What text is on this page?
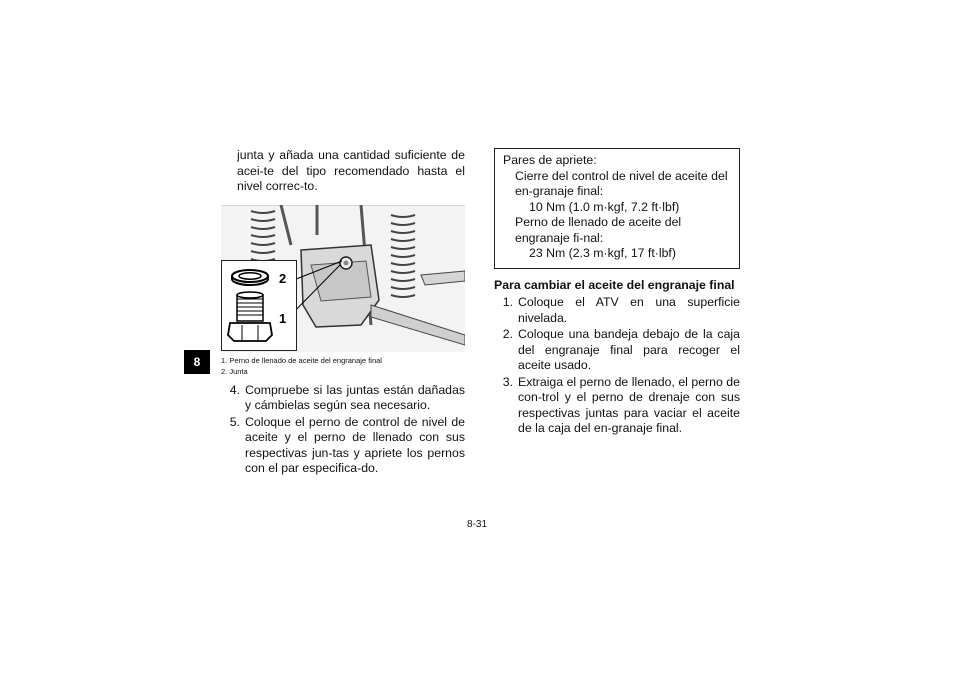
8
junta y añada una cantidad suficiente de acei-te del tipo recomendado hasta el nivel correc-to.
2
1
1. Perno de llenado de aceite del engranaje final
2. Junta
4. Compruebe si las juntas están dañadas y cámbielas según sea necesario.
5. Coloque el perno de control de nivel de aceite y el perno de llenado con sus respectivas jun-tas y apriete los pernos con el par especifica-do.
Pares de apriete:
Cierre del control de nivel de aceite del en-granaje final:
10 Nm (1.0 m·kgf, 7.2 ft·lbf)
Perno de llenado de aceite del engranaje fi-nal:
23 Nm (2.3 m·kgf, 17 ft·lbf)
Para cambiar el aceite del engranaje final
1. Coloque el ATV en una superficie nivelada.
2. Coloque una bandeja debajo de la caja del engranaje final para recoger el aceite usado.
3. Extraiga el perno de llenado, el perno de con-trol y el perno de drenaje con sus respectivas juntas para vaciar el aceite de la caja del en-granaje final.
8-31
